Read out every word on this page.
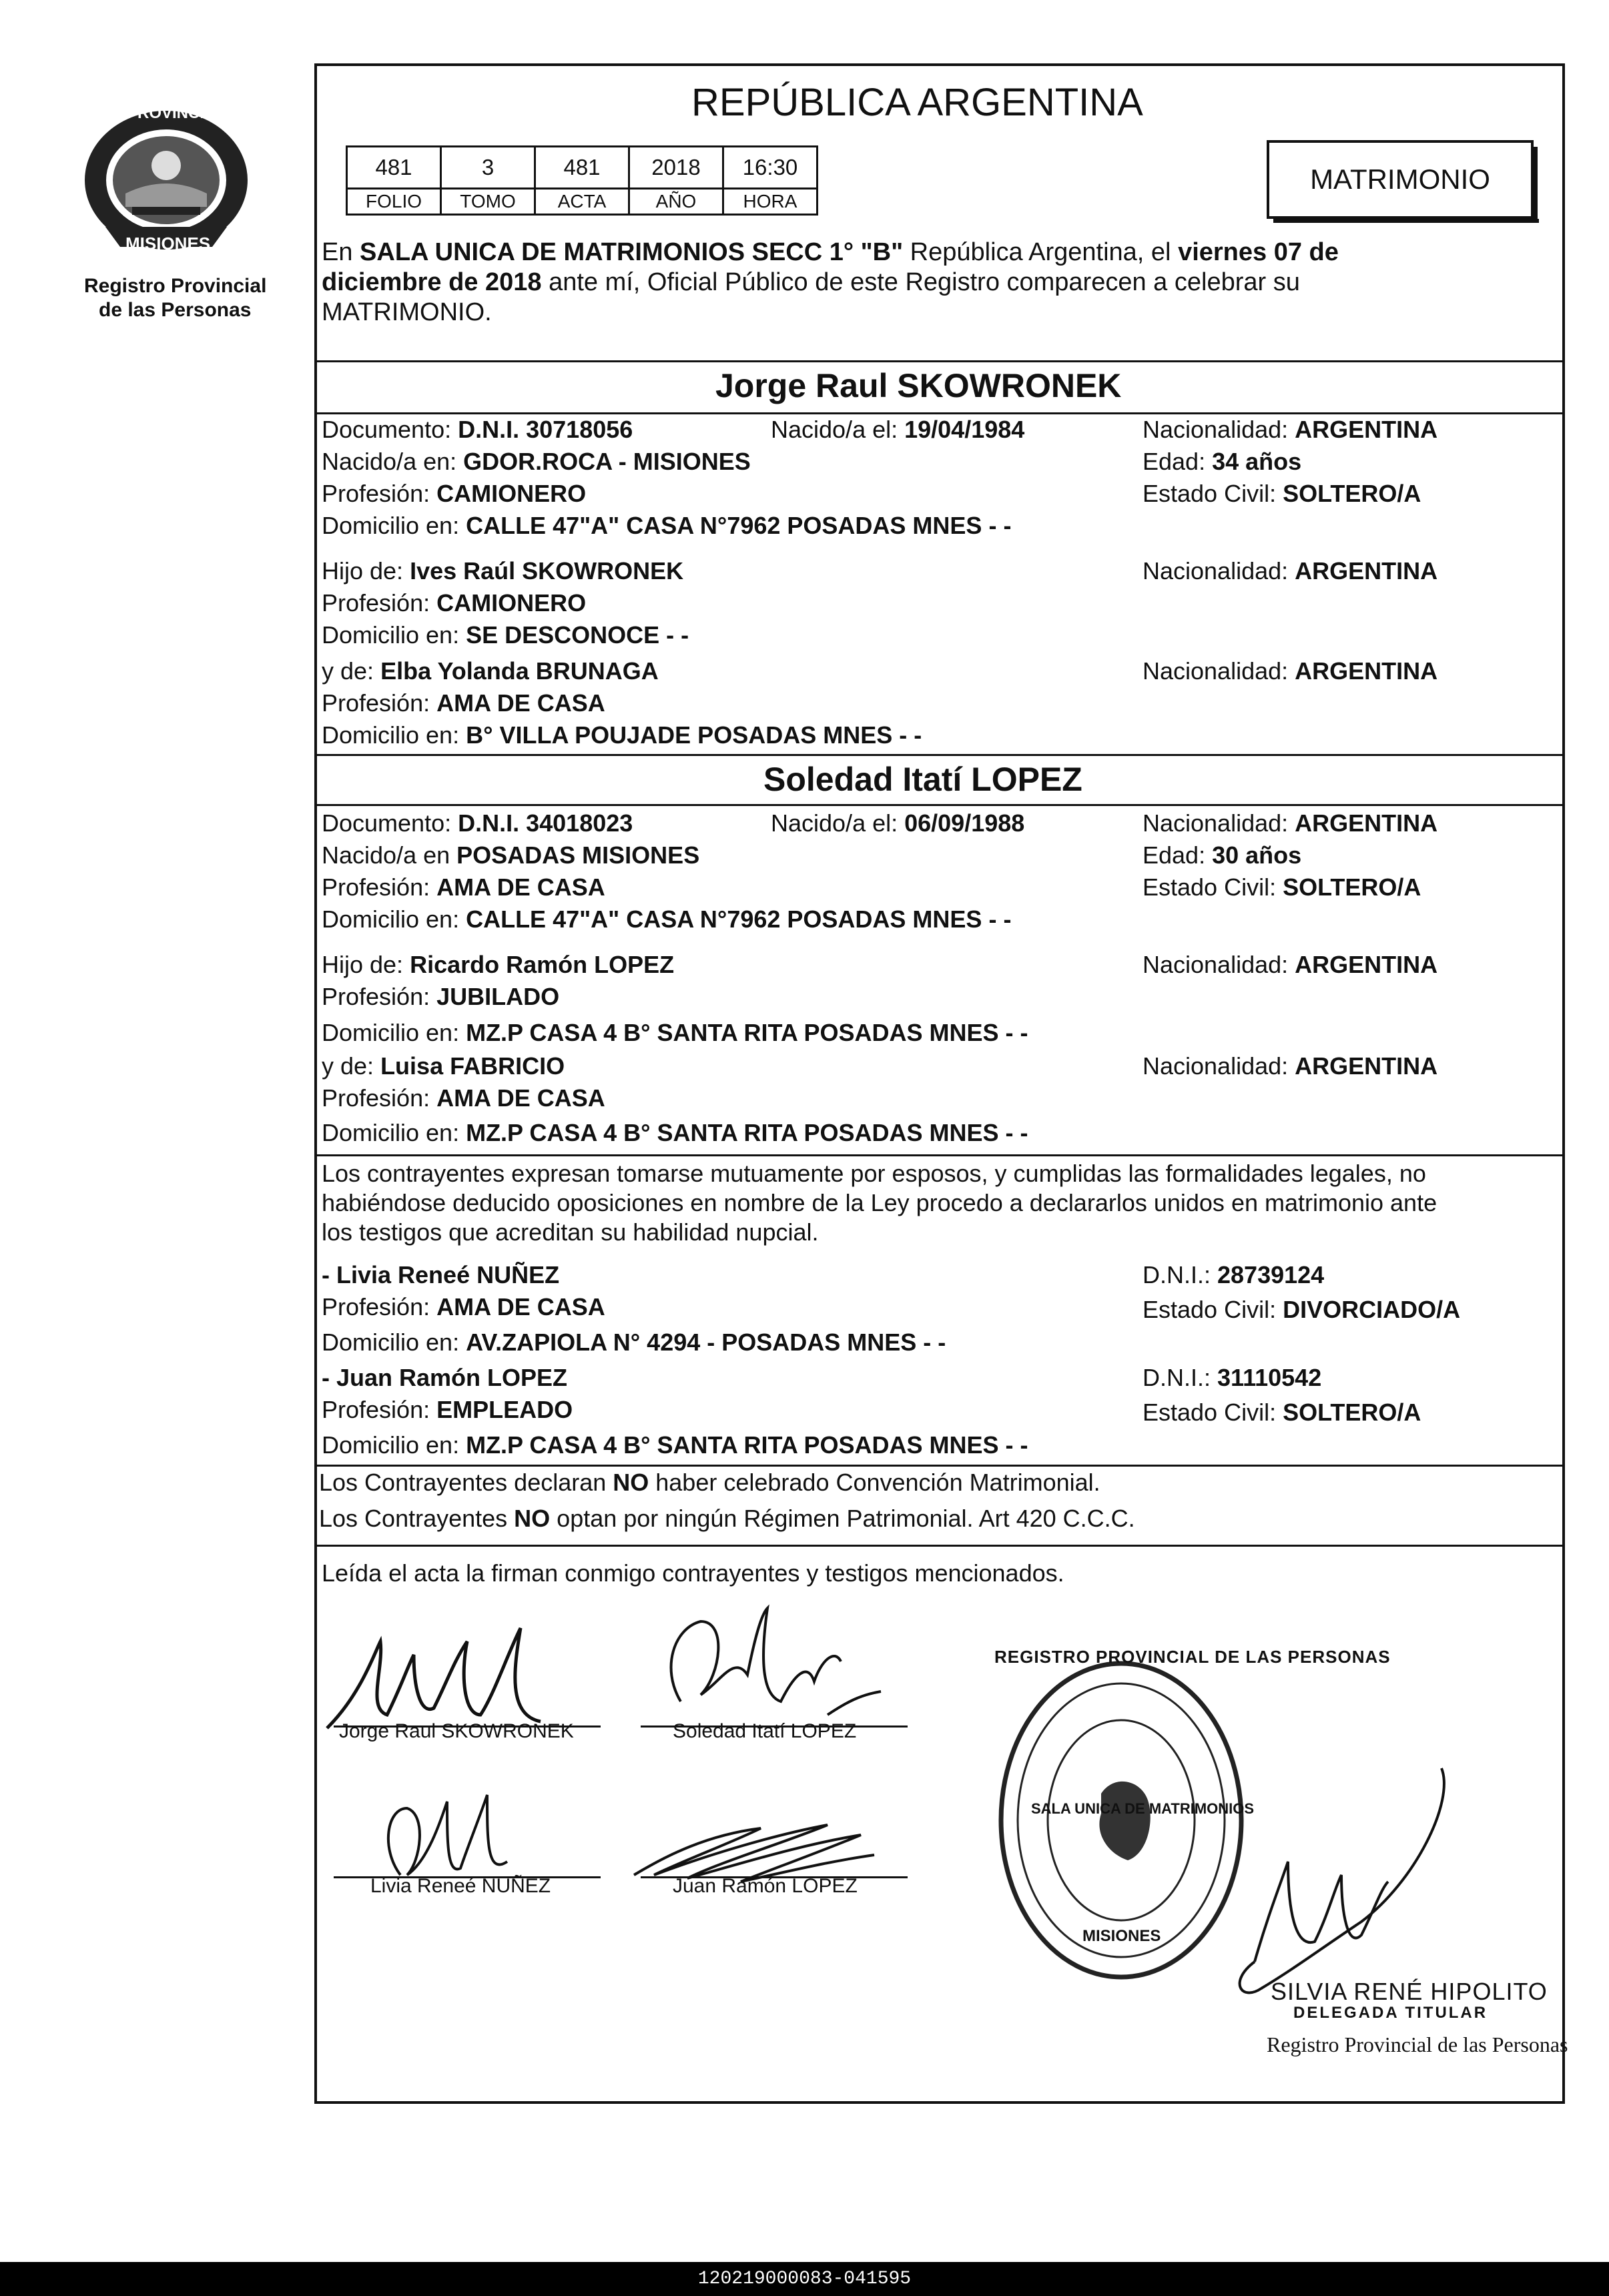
PROVINCIA DE
MISIONES
Registro Provincial
de las Personas
REPÚBLICA ARGENTINA
481	3	481	2018	16:30
FOLIO	TOMO	ACTA	AÑO	HORA
MATRIMONIO
En SALA UNICA DE MATRIMONIOS SECC 1° "B" República Argentina, el viernes 07 de
diciembre de 2018 ante mí, Oficial Público de este Registro comparecen a celebrar su
MATRIMONIO.
Jorge Raul SKOWRONEK
Documento: D.N.I. 30718056	Nacido/a el: 19/04/1984	Nacionalidad: ARGENTINA
Nacido/a en: GDOR.ROCA - MISIONES	Edad: 34 años
Profesión: CAMIONERO	Estado Civil: SOLTERO/A
Domicilio en: CALLE 47"A" CASA N°7962 POSADAS MNES - -
Hijo de: Ives Raúl SKOWRONEK	Nacionalidad: ARGENTINA
Profesión: CAMIONERO
Domicilio en: SE DESCONOCE - -
y de: Elba Yolanda BRUNAGA	Nacionalidad: ARGENTINA
Profesión: AMA DE CASA
Domicilio en: B° VILLA POUJADE POSADAS MNES - -
Soledad Itatí LOPEZ
Documento: D.N.I. 34018023	Nacido/a el: 06/09/1988	Nacionalidad: ARGENTINA
Nacido/a en POSADAS MISIONES	Edad: 30 años
Profesión: AMA DE CASA	Estado Civil: SOLTERO/A
Domicilio en: CALLE 47"A" CASA N°7962 POSADAS MNES - -
Hijo de: Ricardo Ramón LOPEZ	Nacionalidad: ARGENTINA
Profesión: JUBILADO
Domicilio en: MZ.P CASA 4 B° SANTA RITA POSADAS MNES - -
y de: Luisa FABRICIO	Nacionalidad: ARGENTINA
Profesión: AMA DE CASA
Domicilio en: MZ.P CASA 4 B° SANTA RITA POSADAS MNES - -
Los contrayentes expresan tomarse mutuamente por esposos, y cumplidas las formalidades legales, no
habiéndose deducido oposiciones en nombre de la Ley procedo a declararlos unidos en matrimonio ante
los testigos que acreditan su habilidad nupcial.
- Livia Reneé NUÑEZ	D.N.I.: 28739124
Profesión: AMA DE CASA	Estado Civil: DIVORCIADO/A
Domicilio en: AV.ZAPIOLA N° 4294 - POSADAS MNES - -
- Juan Ramón LOPEZ	D.N.I.: 31110542
Profesión: EMPLEADO	Estado Civil: SOLTERO/A
Domicilio en: MZ.P CASA 4 B° SANTA RITA POSADAS MNES - -
Los Contrayentes declaran NO haber celebrado Convención Matrimonial.
Los Contrayentes NO optan por ningún Régimen Patrimonial. Art 420 C.C.C.
Leída el acta la firman conmigo contrayentes y testigos mencionados.
Jorge Raul SKOWRONEK	Soledad Itatí LOPEZ
Livia Reneé NUÑEZ	Juan Ramón LOPEZ
REGISTRO PROVINCIAL DE LAS PERSONAS
SALA UNICA DE MATRIMONIOS
MISIONES
SILVIA RENÉ HIPOLITO
DELEGADA TITULAR
Registro Provincial de las Personas
120219000083-041595
